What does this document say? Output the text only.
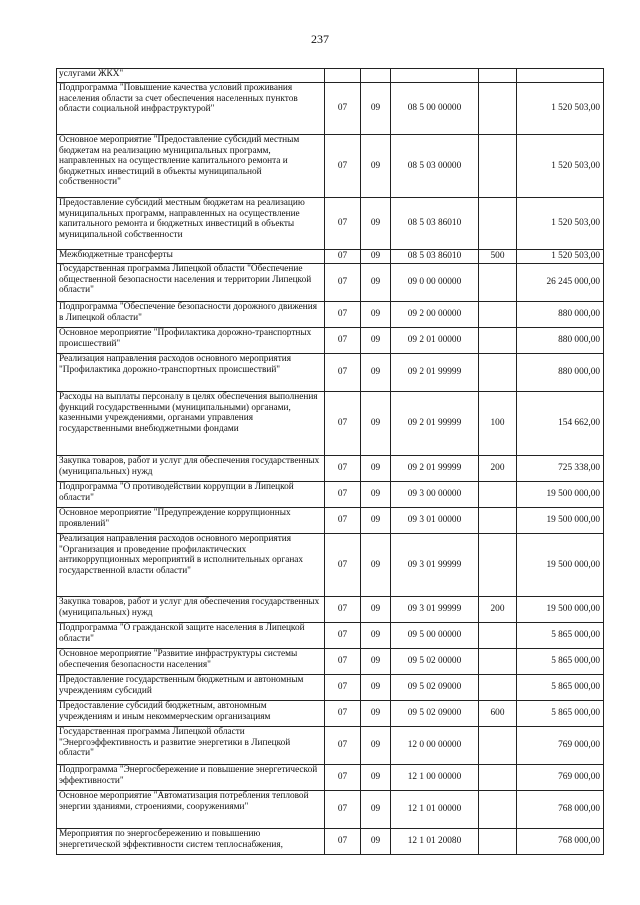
237
услугами ЖКХ"					
Подпрограмма "Повышение качества условий проживания населения области за счет обеспечения населенных пунктов области социальной инфраструктурой"	07	09	08 5 00 00000		1 520 503,00
Основное мероприятие "Предоставление субсидий местным бюджетам на реализацию муниципальных программ, направленных на осуществление капитального ремонта и бюджетных инвестиций в объекты муниципальной собственности"	07	09	08 5 03 00000		1 520 503,00
Предоставление субсидий местным бюджетам на реализацию муниципальных программ, направленных на осуществление капитального ремонта и бюджетных инвестиций в объекты муниципальной собственности	07	09	08 5 03 86010		1 520 503,00
Межбюджетные трансферты	07	09	08 5 03 86010	500	1 520 503,00
Государственная программа Липецкой области "Обеспечение общественной безопасности населения и территории Липецкой области"	07	09	09 0 00 00000		26 245 000,00
Подпрограмма "Обеспечение безопасности дорожного движения в Липецкой области"	07	09	09 2 00 00000		880 000,00
Основное мероприятие "Профилактика дорожно-транспортных происшествий"	07	09	09 2 01 00000		880 000,00
Реализация направления расходов основного мероприятия "Профилактика дорожно-транспортных происшествий"	07	09	09 2 01 99999		880 000,00
Расходы на выплаты персоналу в целях обеспечения выполнения функций государственными (муниципальными) органами, казенными учреждениями, органами управления государственными внебюджетными фондами	07	09	09 2 01 99999	100	154 662,00
Закупка товаров, работ и услуг для обеспечения государственных (муниципальных) нужд	07	09	09 2 01 99999	200	725 338,00
Подпрограмма "О противодействии коррупции в Липецкой области"	07	09	09 3 00 00000		19 500 000,00
Основное мероприятие "Предупреждение коррупционных проявлений"	07	09	09 3 01 00000		19 500 000,00
Реализация направления расходов основного мероприятия "Организация и проведение профилактических антикоррупционных мероприятий в исполнительных органах государственной власти области"	07	09	09 3 01 99999		19 500 000,00
Закупка товаров, работ и услуг для обеспечения государственных (муниципальных) нужд	07	09	09 3 01 99999	200	19 500 000,00
Подпрограмма "О гражданской защите населения в Липецкой области"	07	09	09 5 00 00000		5 865 000,00
Основное мероприятие "Развитие инфраструктуры системы обеспечения безопасности населения"	07	09	09 5 02 00000		5 865 000,00
Предоставление государственным бюджетным и автономным учреждениям субсидий	07	09	09 5 02 09000		5 865 000,00
Предоставление субсидий бюджетным, автономным учреждениям и иным некоммерческим организациям	07	09	09 5 02 09000	600	5 865 000,00
Государственная программа Липецкой области "Энергоэффективность и развитие энергетики в Липецкой области"	07	09	12 0 00 00000		769 000,00
Подпрограмма "Энергосбережение и повышение энергетической эффективности"	07	09	12 1 00 00000		769 000,00
Основное мероприятие "Автоматизация потребления тепловой энергии зданиями, строениями, сооружениями"	07	09	12 1 01 00000		768 000,00
Мероприятия по энергосбережению и повышению энергетической эффективности систем теплоснабжения,	07	09	12 1 01 20080		768 000,00
